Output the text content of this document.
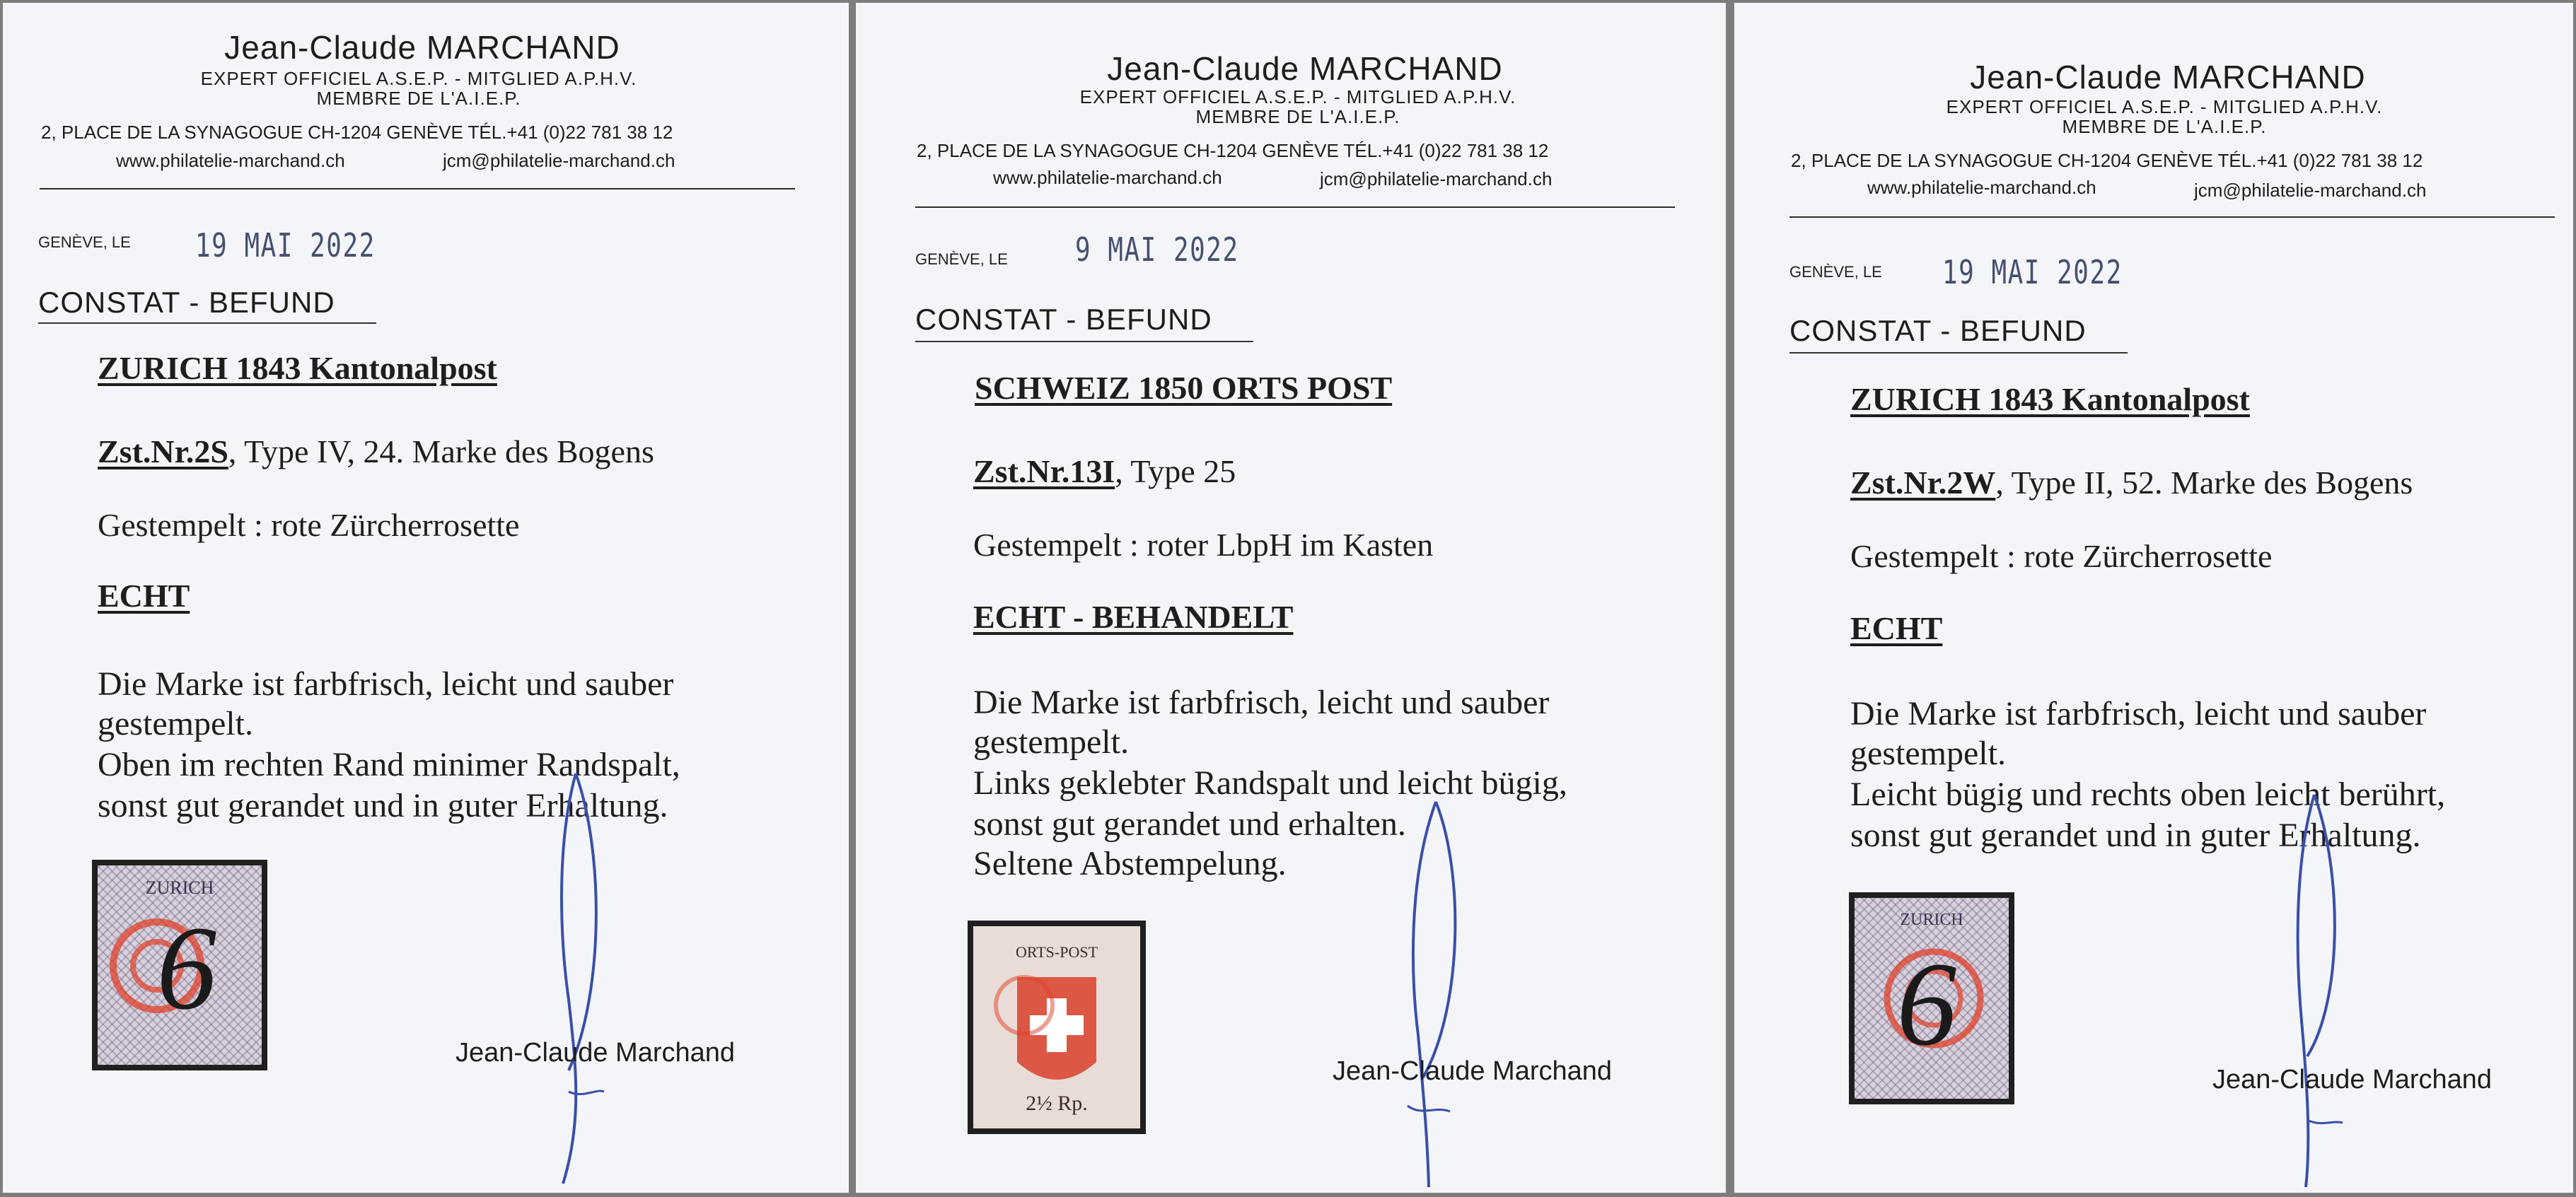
Jean-Claude MARCHAND
EXPERT OFFICIEL A.S.E.P. - MITGLIED A.P.H.V.
MEMBRE DE L'A.I.E.P.
2, PLACE DE LA SYNAGOGUE CH-1204 GENÈVE TÉL.+41 (0)22 781 38 12
www.philatelie-marchand.ch	jcm@philatelie-marchand.ch
GENÈVE, LE 19 MAI 2022
CONSTAT - BEFUND
ZURICH 1843 Kantonalpost
Zst.Nr.2S, Type IV, 24. Marke des Bogens
Gestempelt : rote Zürcherrosette
ECHT
Die Marke ist farbfrisch, leicht und sauber
gestempelt.
Oben im rechten Rand minimer Randspalt,
sonst gut gerandet und in guter Erhaltung.
ZURICH
6
Jean-Claude Marchand
Jean-Claude MARCHAND
EXPERT OFFICIEL A.S.E.P. - MITGLIED A.P.H.V.
MEMBRE DE L'A.I.E.P.
2, PLACE DE LA SYNAGOGUE CH-1204 GENÈVE TÉL.+41 (0)22 781 38 12
www.philatelie-marchand.ch	jcm@philatelie-marchand.ch
GENÈVE, LE 9 MAI 2022
CONSTAT - BEFUND
SCHWEIZ 1850 ORTS POST
Zst.Nr.13I, Type 25
Gestempelt : roter LbpH im Kasten
ECHT - BEHANDELT
Die Marke ist farbfrisch, leicht und sauber
gestempelt.
Links geklebter Randspalt und leicht bügig,
sonst gut gerandet und erhalten.
Seltene Abstempelung.
ORTS-POST
2½ Rp.
Jean-Claude Marchand
Jean-Claude MARCHAND
EXPERT OFFICIEL A.S.E.P. - MITGLIED A.P.H.V.
MEMBRE DE L'A.I.E.P.
2, PLACE DE LA SYNAGOGUE CH-1204 GENÈVE TÉL.+41 (0)22 781 38 12
www.philatelie-marchand.ch	jcm@philatelie-marchand.ch
GENÈVE, LE 19 MAI 2022
CONSTAT - BEFUND
ZURICH 1843 Kantonalpost
Zst.Nr.2W, Type II, 52. Marke des Bogens
Gestempelt : rote Zürcherrosette
ECHT
Die Marke ist farbfrisch, leicht und sauber
gestempelt.
Leicht bügig und rechts oben leicht berührt,
sonst gut gerandet und in guter Erhaltung.
ZURICH
6
Jean-Claude Marchand
